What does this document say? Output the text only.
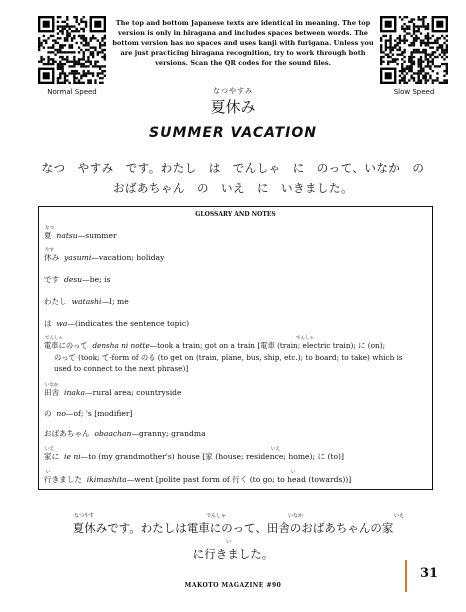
Normal Speed	Slow Speed
The top and bottom Japanese texts are identical in meaning. The top version is only in hiragana and includes spaces between words. The bottom version has no spaces and uses kanji with furigana. Unless you are just practicing hiragana recognition, try to work through both versions. Scan the QR codes for the sound files.
なつやすみ
夏休み
SUMMER VACATION
なつ　やすみ　です。わたし　は　でんしゃ　に　のって、いなか　の
おばあちゃん　の　いえ　に　いきました。
GLOSSARY AND NOTES
なつ
夏 natsu—summer
やす
休み yasumi—vacation; holiday
です desu—be; is
わたし watashi—I; me
は wa—(indicates the sentence topic)
でんしゃ	でんしゃ
電車にのって densha ni notte—took a train; got on a train [電車 (train; electric train); に (on);
のって (took; て-form of のる (to get on (train, plane, bus, ship, etc.); to board; to take) which is
used to connect to the next phrase)]
いなか
田舎 inaka—rural area; countryside
の no—of; 's [modifier]
おばあちゃん obaachan—granny; grandma
いえ	いえ
家に ie ni—to (my grandmother's) house [家 (house; residence; home); に (to)]
い	い
行きました ikimashita—went [polite past form of 行く (to go; to head (towards))]
なつやす	でんしゃ	いなか	いえ
夏休みです。わたしは電車にのって、田舎のおばあちゃんの家
い
に行きました。
MAKOTO MAGAZINE #90
31
